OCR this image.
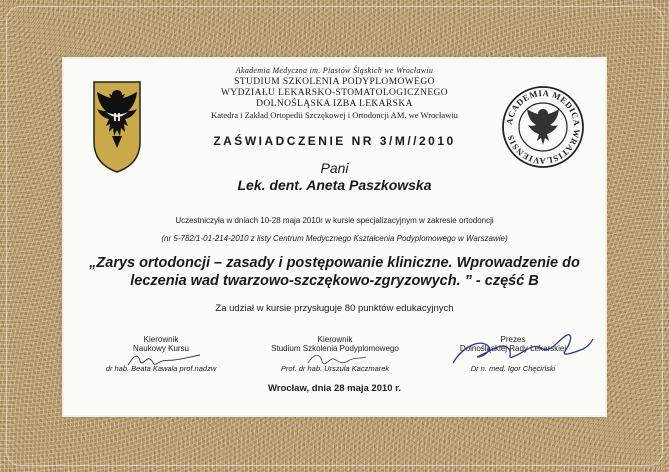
ACADEMIA MEDICA WRATISLAVIENSIS
Akademia Medyczna im. Piastów Śląskich we Wrocławiu
STUDIUM SZKOLENIA PODYPLOMOWEGO
WYDZIAŁU LEKARSKO-STOMATOLOGICZNEGO
DOLNOŚLĄSKA IZBA LEKARSKA
Katedra i Zakład Ortopedii Szczękowej i Ortodoncji AM. we Wrocławiu
ZAŚWIADCZENIE NR 3/M//2010
Pani
Lek. dent. Aneta Paszkowska
Uczestniczyła w dniach 10-28 maja 2010r w kursie specjalizacyjnym w zakresie ortodoncji
(nr 5-782/1-01-214-2010 z listy Centrum Medycznego Kształcenia Podyplomowego w Warszawie)
„Zarys ortodoncji – zasady i postępowanie kliniczne. Wprowadzenie do
leczenia wad twarzowo-szczękowo-zgryzowych. ” - część B
Za udział w kursie przysługuje 80 punktów edukacyjnych
Kierownik
Naukowy Kursu
dr hab. Beata Kawala prof.nadzw
Kierownik
Studium Szkolenia Podyplomowego
Prof. dr hab. Urszula Kaczmarek
Prezes
Dolnośląskiej Rady Lekarskiej
Dr n. med. Igor Chęciński
Wrocław, dnia 28 maja 2010 r.
